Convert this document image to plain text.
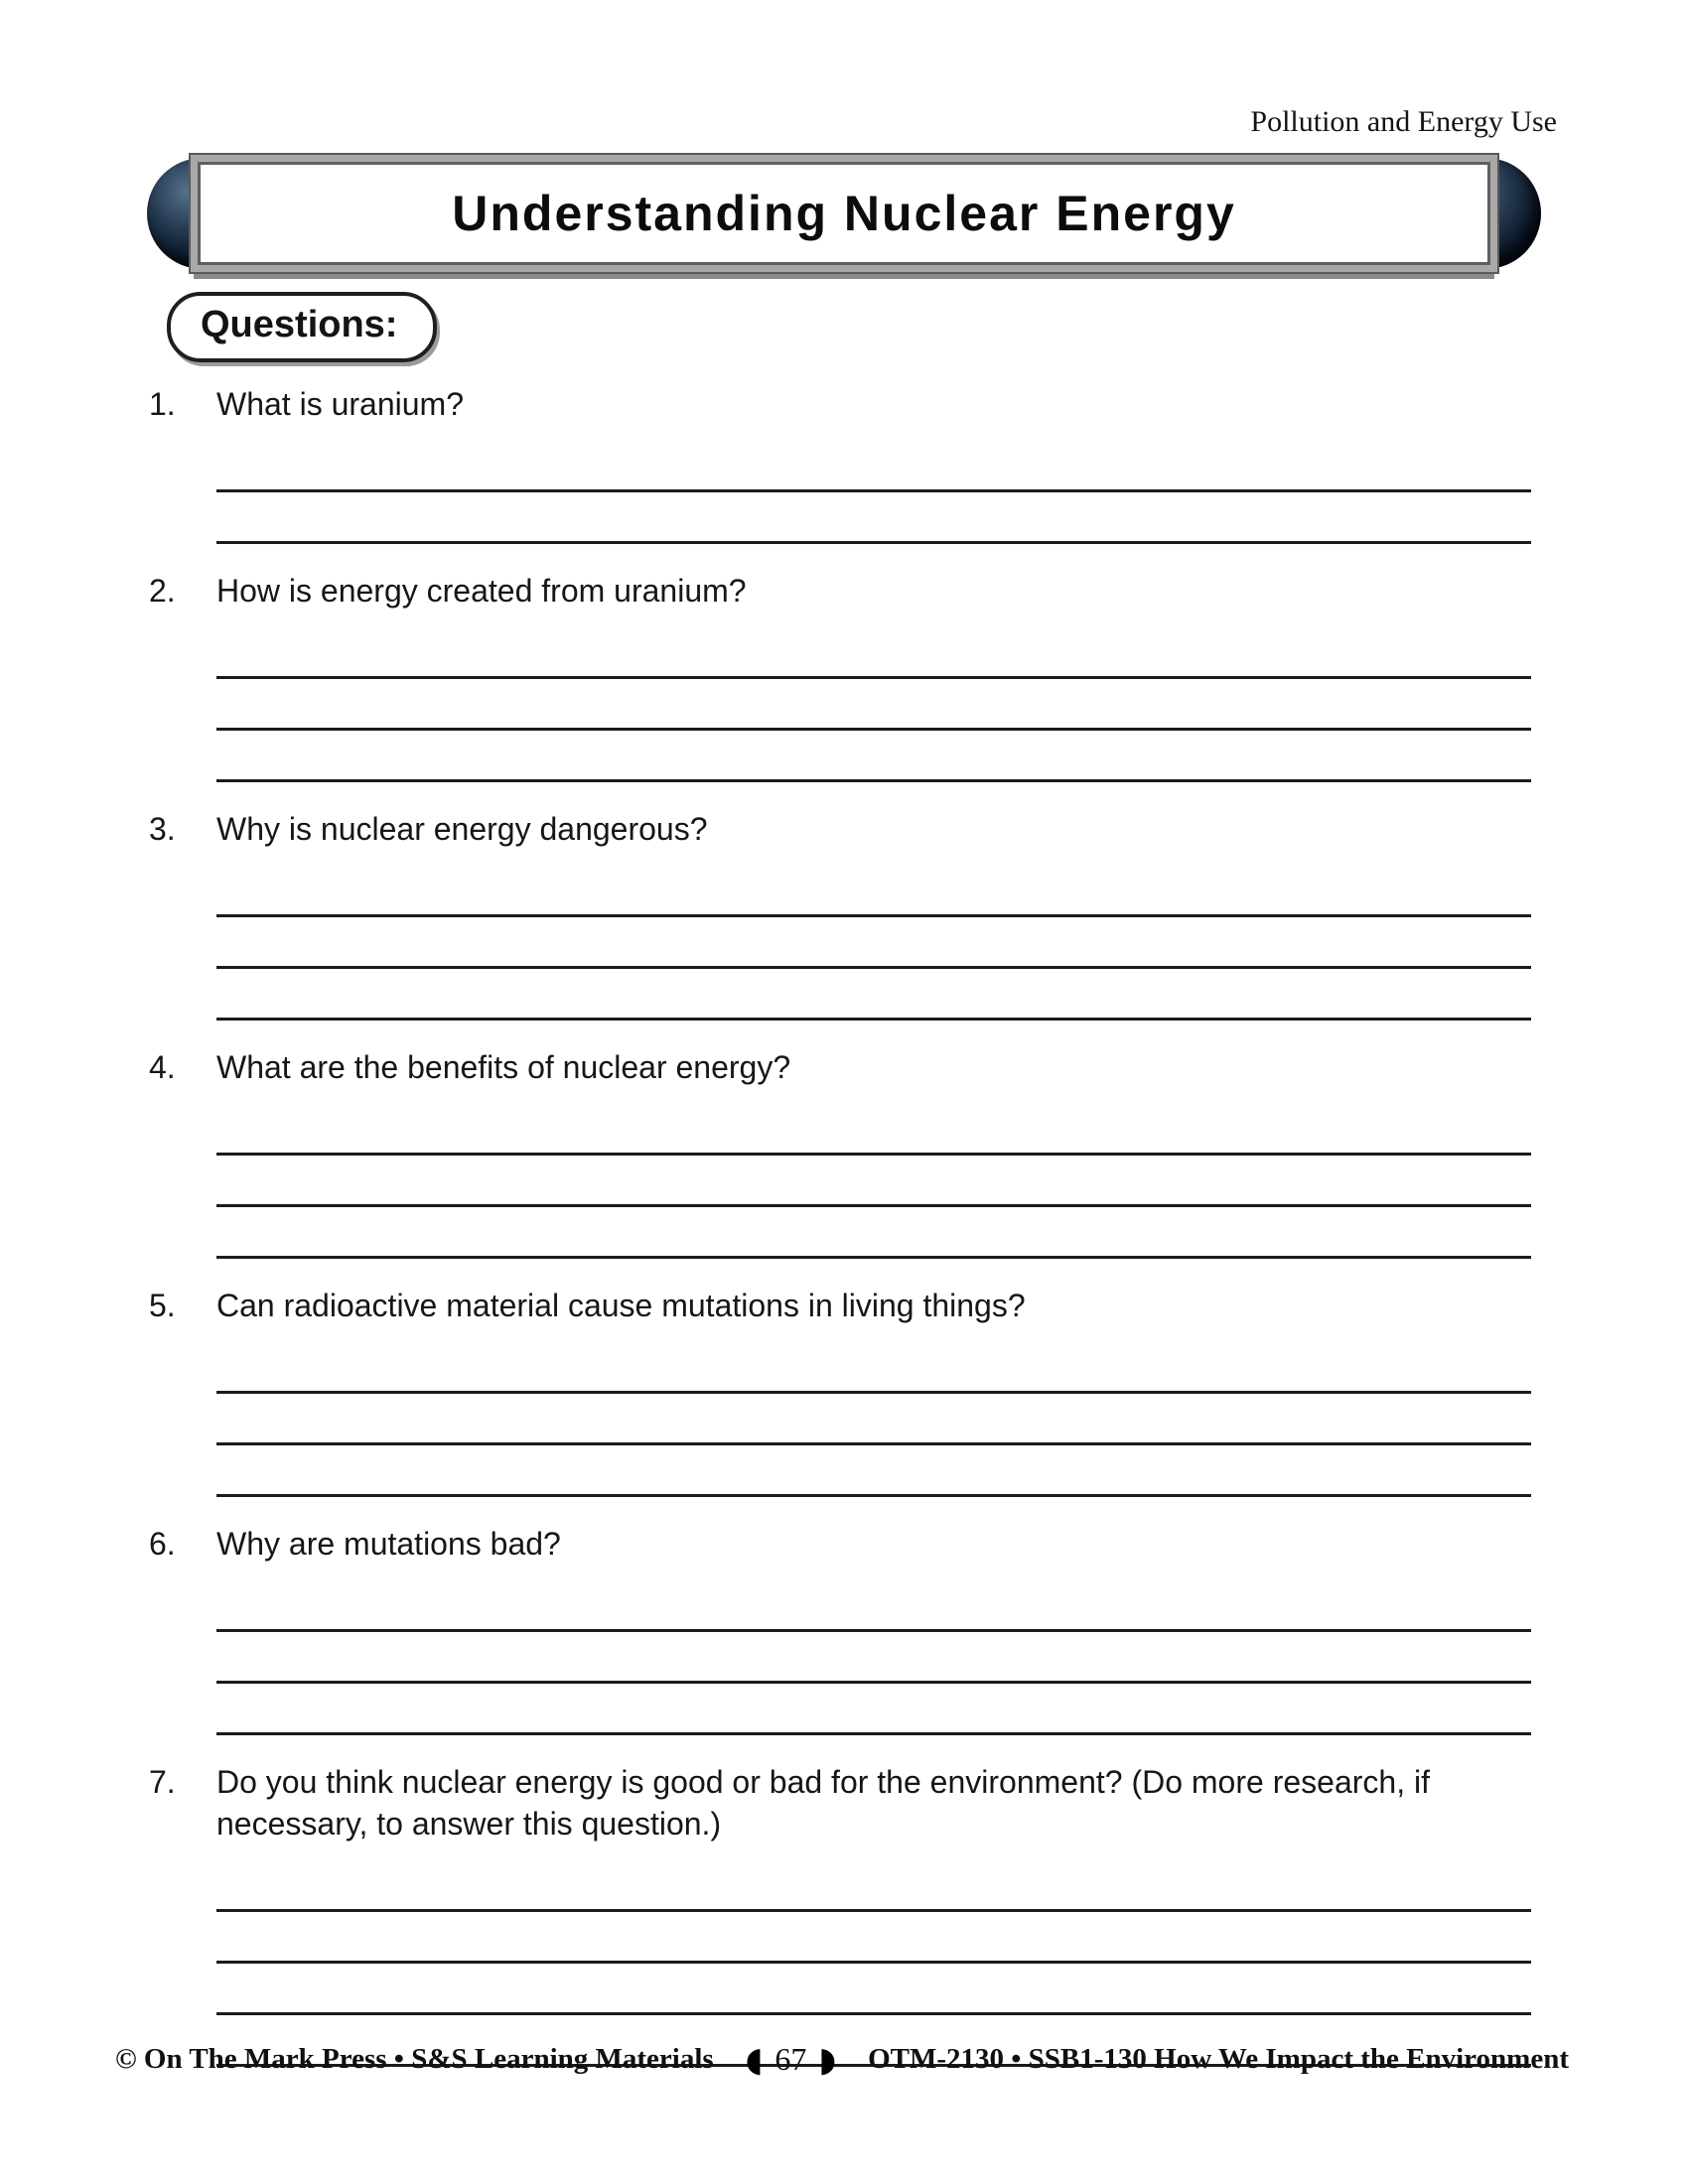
Pollution and Energy Use
Understanding Nuclear Energy
Questions:
1.	What is uranium?
2.	How is energy created from uranium?
3.	Why is nuclear energy dangerous?
4.	What are the benefits of nuclear energy?
5.	Can radioactive material cause mutations in living things?
6.	Why are mutations bad?
7.	Do you think nuclear energy is good or bad for the environment? (Do more research, if necessary, to answer this question.)
© On The Mark Press • S&S Learning Materials ◖ 67 ◗ OTM-2130 • SSB1-130 How We Impact the Environment
